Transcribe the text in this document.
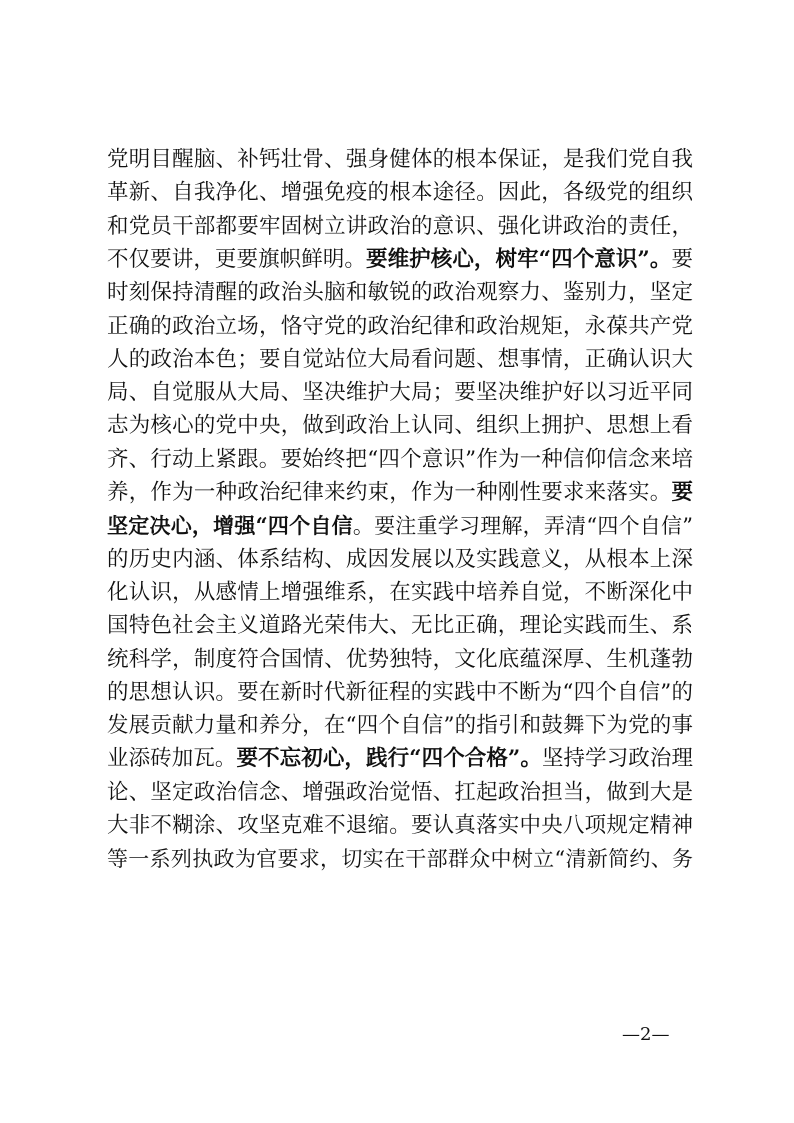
党明目醒脑、补钙壮骨、强身健体的根本保证，是我们党自我
革新、自我净化、增强免疫的根本途径。因此，各级党的组织
和党员干部都要牢固树立讲政治的意识、强化讲政治的责任，
不仅要讲，更要旗帜鲜明。要维护核心，树牢“四个意识”。要
时刻保持清醒的政治头脑和敏锐的政治观察力、鉴别力，坚定
正确的政治立场，恪守党的政治纪律和政治规矩，永葆共产党
人的政治本色；要自觉站位大局看问题、想事情，正确认识大
局、自觉服从大局、坚决维护大局；要坚决维护好以习近平同
志为核心的党中央，做到政治上认同、组织上拥护、思想上看
齐、行动上紧跟。要始终把“四个意识”作为一种信仰信念来培
养，作为一种政治纪律来约束，作为一种刚性要求来落实。要
坚定决心，增强“四个自信。要注重学习理解，弄清“四个自信”
的历史内涵、体系结构、成因发展以及实践意义，从根本上深
化认识，从感情上增强维系，在实践中培养自觉，不断深化中
国特色社会主义道路光荣伟大、无比正确，理论实践而生、系
统科学，制度符合国情、优势独特，文化底蕴深厚、生机蓬勃
的思想认识。要在新时代新征程的实践中不断为“四个自信”的
发展贡献力量和养分，在“四个自信”的指引和鼓舞下为党的事
业添砖加瓦。要不忘初心，践行“四个合格”。坚持学习政治理
论、坚定政治信念、增强政治觉悟、扛起政治担当，做到大是
大非不糊涂、攻坚克难不退缩。要认真落实中央八项规定精神
等一系列执政为官要求，切实在干部群众中树立“清新简约、务
—2—
